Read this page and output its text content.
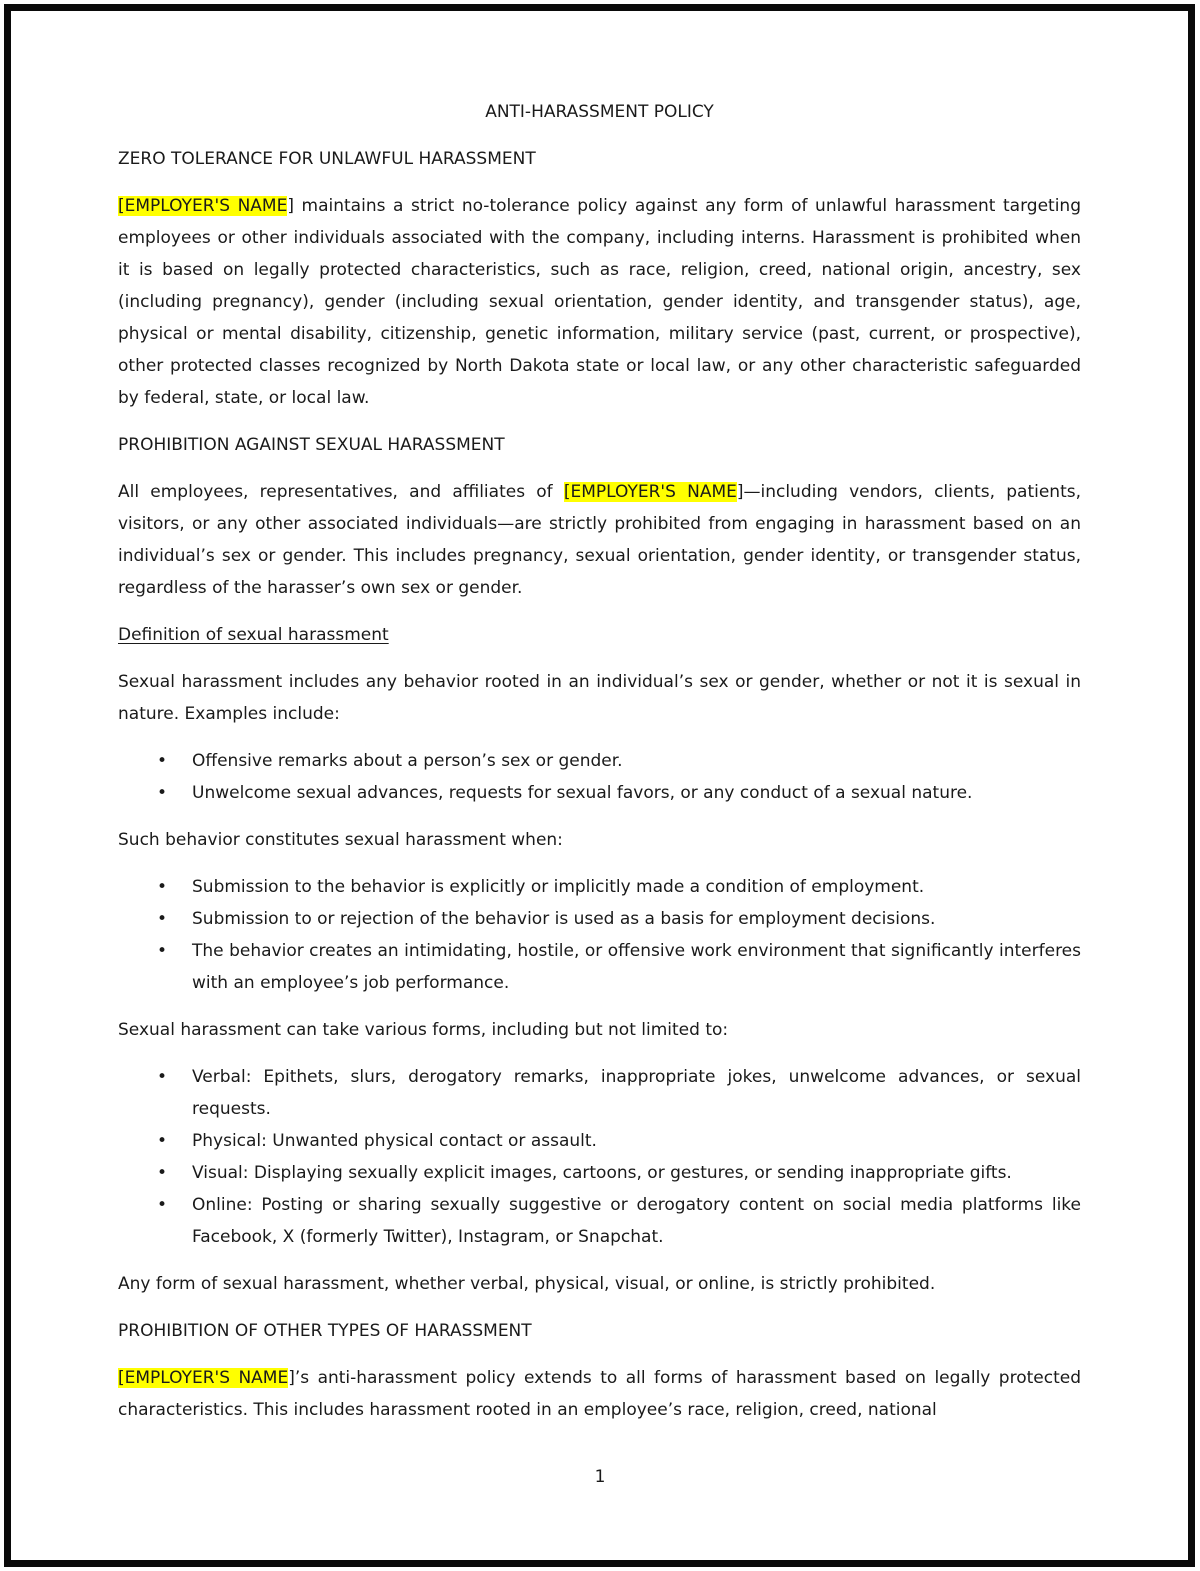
ANTI-HARASSMENT POLICY
ZERO TOLERANCE FOR UNLAWFUL HARASSMENT

[EMPLOYER'S NAME] maintains a strict no-tolerance policy against any form of unlawful harassment targeting employees or other individuals associated with the company, including interns. Harassment is prohibited when it is based on legally protected characteristics, such as race, religion, creed, national origin, ancestry, sex (including pregnancy), gender (including sexual orientation, gender identity, and transgender status), age, physical or mental disability, citizenship, genetic information, military service (past, current, or prospective), other protected classes recognized by North Dakota state or local law, or any other characteristic safeguarded by federal, state, or local law.

PROHIBITION AGAINST SEXUAL HARASSMENT

All employees, representatives, and affiliates of [EMPLOYER'S NAME]—including vendors, clients, patients, visitors, or any other associated individuals—are strictly prohibited from engaging in harassment based on an individual’s sex or gender. This includes pregnancy, sexual orientation, gender identity, or transgender status, regardless of the harasser’s own sex or gender.

Definition of sexual harassment

Sexual harassment includes any behavior rooted in an individual’s sex or gender, whether or not it is sexual in nature. Examples include:

• Offensive remarks about a person’s sex or gender.
• Unwelcome sexual advances, requests for sexual favors, or any conduct of a sexual nature.

Such behavior constitutes sexual harassment when:

• Submission to the behavior is explicitly or implicitly made a condition of employment.
• Submission to or rejection of the behavior is used as a basis for employment decisions.
• The behavior creates an intimidating, hostile, or offensive work environment that significantly interferes with an employee’s job performance.

Sexual harassment can take various forms, including but not limited to:

• Verbal: Epithets, slurs, derogatory remarks, inappropriate jokes, unwelcome advances, or sexual requests.
• Physical: Unwanted physical contact or assault.
• Visual: Displaying sexually explicit images, cartoons, or gestures, or sending inappropriate gifts.
• Online: Posting or sharing sexually suggestive or derogatory content on social media platforms like Facebook, X (formerly Twitter), Instagram, or Snapchat.

Any form of sexual harassment, whether verbal, physical, visual, or online, is strictly prohibited.

PROHIBITION OF OTHER TYPES OF HARASSMENT

[EMPLOYER'S NAME]’s anti-harassment policy extends to all forms of harassment based on legally protected characteristics. This includes harassment rooted in an employee’s race, religion, creed, national

1
